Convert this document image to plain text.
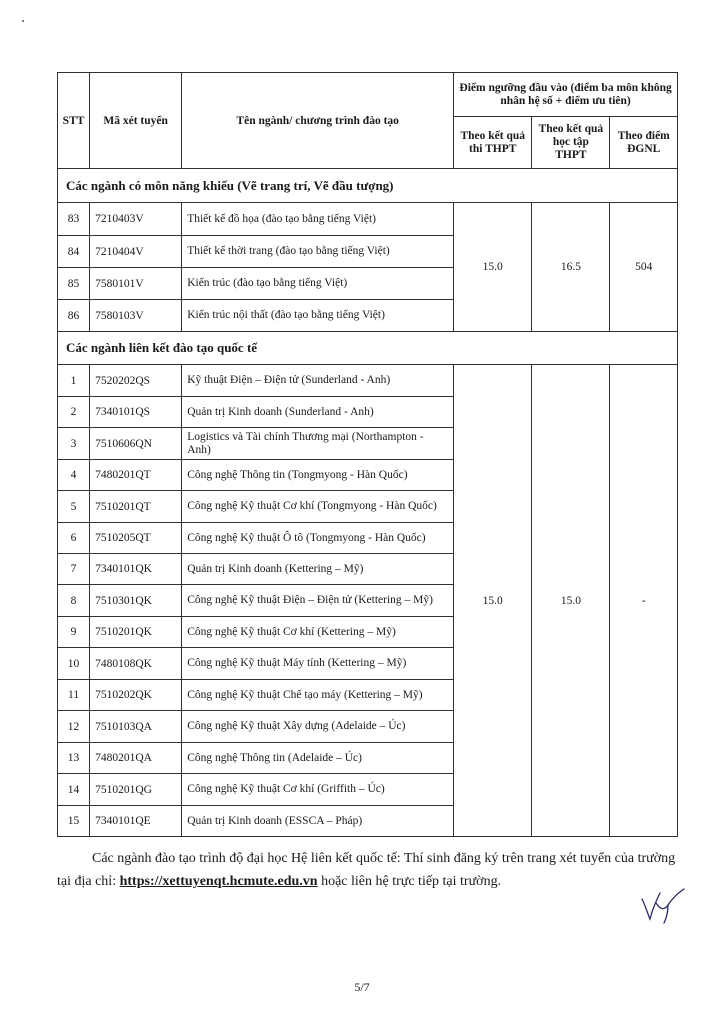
STT	Mã xét tuyển	Tên ngành/ chương trình đào tạo	Điểm ngưỡng đầu vào (điểm ba môn không nhân hệ số + điểm ưu tiên)		
			Theo kết quả thi THPT	Theo kết quả học tập THPT	Theo điểm ĐGNL
Các ngành có môn năng khiếu (Vẽ trang trí, Vẽ đầu tượng)					
83	7210403V	Thiết kế đồ họa (đào tạo bằng tiếng Việt)	15.0	16.5	504
84	7210404V	Thiết kế thời trang (đào tạo bằng tiếng Việt)			
85	7580101V	Kiến trúc (đào tạo bằng tiếng Việt)			
86	7580103V	Kiến trúc nội thất (đào tạo bằng tiếng Việt)			
Các ngành liên kết đào tạo quốc tế					
1	7520202QS	Kỹ thuật Điện – Điện tử (Sunderland - Anh)	15.0	15.0	-
2	7340101QS	Quản trị Kinh doanh (Sunderland - Anh)			
3	7510606QN	Logistics và Tài chính Thương mại (Northampton - Anh)			
4	7480201QT	Công nghệ Thông tin (Tongmyong - Hàn Quốc)			
5	7510201QT	Công nghệ Kỹ thuật Cơ khí (Tongmyong - Hàn Quốc)			
6	7510205QT	Công nghệ Kỹ thuật Ô tô (Tongmyong - Hàn Quốc)			
7	7340101QK	Quản trị Kinh doanh (Kettering – Mỹ)			
8	7510301QK	Công nghệ Kỹ thuật Điện – Điện tử (Kettering – Mỹ)			
9	7510201QK	Công nghệ Kỹ thuật Cơ khí (Kettering – Mỹ)			
10	7480108QK	Công nghệ Kỹ thuật Máy tính (Kettering – Mỹ)			
11	7510202QK	Công nghệ Kỹ thuật Chế tạo máy (Kettering – Mỹ)			
12	7510103QA	Công nghệ Kỹ thuật Xây dựng (Adelaide – Úc)			
13	7480201QA	Công nghệ Thông tin (Adelaide – Úc)			
14	7510201QG	Công nghệ Kỹ thuật Cơ khí (Griffith – Úc)			
15	7340101QE	Quản trị Kinh doanh (ESSCA – Pháp)			

Các ngành đào tạo trình độ đại học Hệ liên kết quốc tế: Thí sinh đăng ký trên trang xét tuyển của trường tại địa chỉ: https://xettuyenqt.hcmute.edu.vn hoặc liên hệ trực tiếp tại trường.

5/7
